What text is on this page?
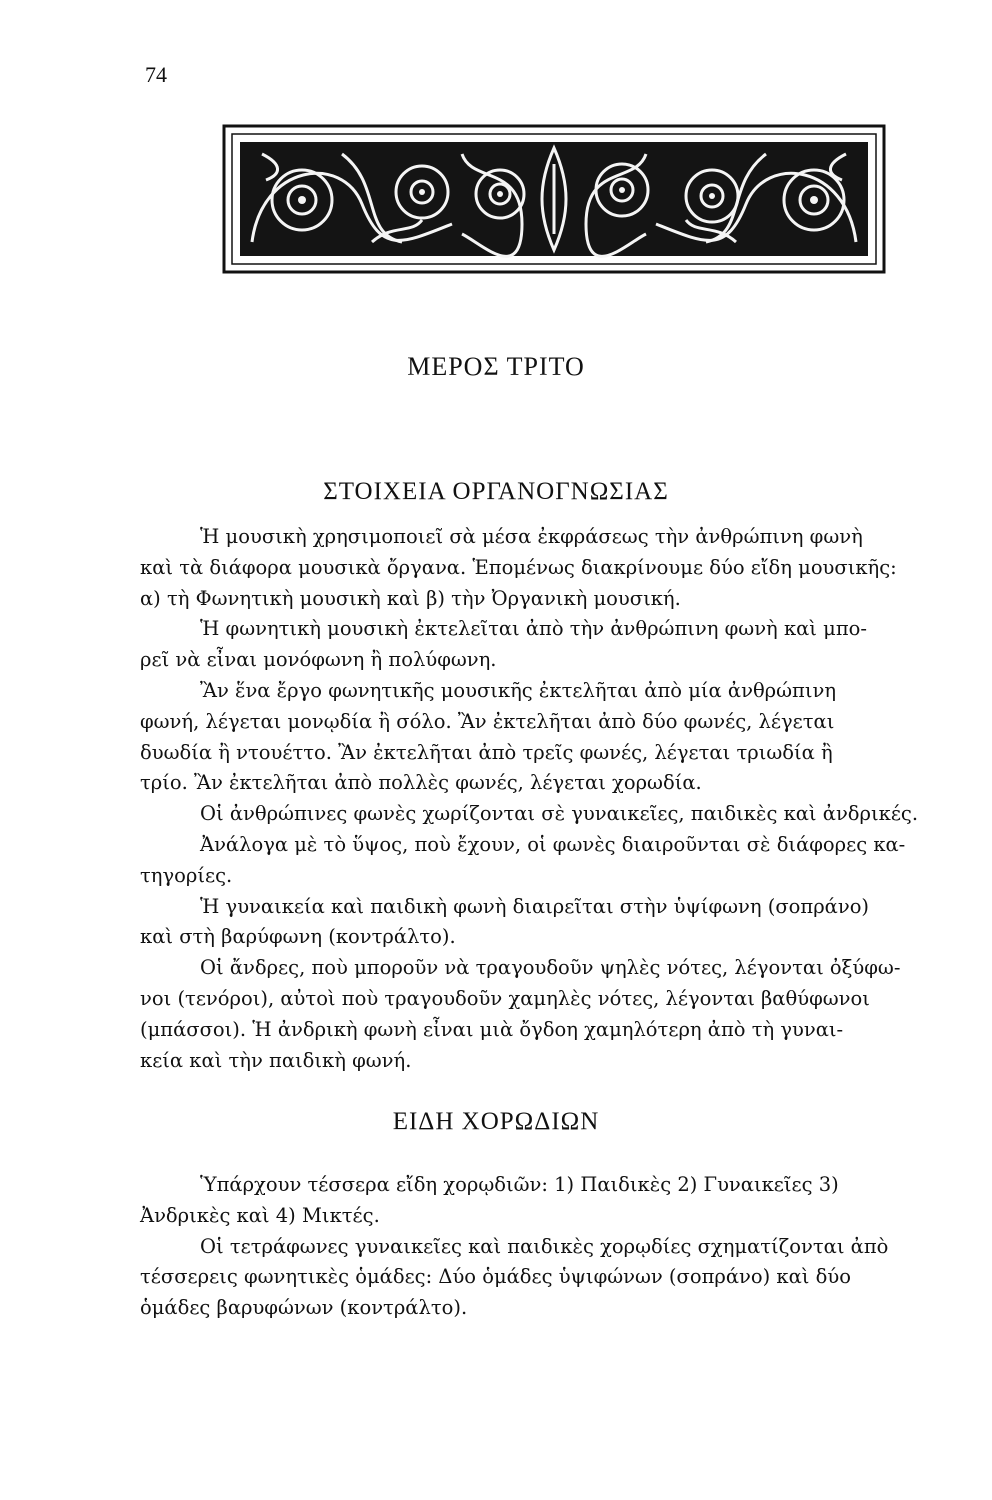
74
ΜΕΡΟΣ ΤΡΙΤΟ
ΣΤΟΙΧΕΙΑ ΟΡΓΑΝΟΓΝΩΣΙΑΣ
Ἡ μουσικὴ χρησιμοποιεῖ σὰ μέσα ἐκφράσεως τὴν ἀνθρώπινη φωνὴ
καὶ τὰ διάφορα μουσικὰ ὄργανα. Ἑπομένως διακρίνουμε δύο εἴδη μουσικῆς:
α) τὴ Φωνητικὴ μουσικὴ καὶ β) τὴν Ὀργανικὴ μουσική.
Ἡ φωνητικὴ μουσικὴ ἐκτελεῖται ἀπὸ τὴν ἀνθρώπινη φωνὴ καὶ μπο-
ρεῖ νὰ εἶναι μονόφωνη ἢ πολύφωνη.
Ἂν ἕνα ἔργο φωνητικῆς μουσικῆς ἐκτελῆται ἀπὸ μία ἀνθρώπινη
φωνή, λέγεται μονῳδία ἢ σόλο. Ἂν ἐκτελῆται ἀπὸ δύο φωνές, λέγεται
δυωδία ἢ ντουέττο. Ἂν ἐκτελῆται ἀπὸ τρεῖς φωνές, λέγεται τριωδία ἢ
τρίο. Ἂν ἐκτελῆται ἀπὸ πολλὲς φωνές, λέγεται χορωδία.
Οἱ ἀνθρώπινες φωνὲς χωρίζονται σὲ γυναικεῖες, παιδικὲς καὶ ἀνδρικές.
Ἀνάλογα μὲ τὸ ὕψος, ποὺ ἔχουν, οἱ φωνὲς διαιροῦνται σὲ διάφορες κα-
τηγορίες.
Ἡ γυναικεία καὶ παιδικὴ φωνὴ διαιρεῖται στὴν ὑψίφωνη (σοπράνο)
καὶ στὴ βαρύφωνη (κοντράλτο).
Οἱ ἄνδρες, ποὺ μποροῦν νὰ τραγουδοῦν ψηλὲς νότες, λέγονται ὀξύφω-
νοι (τενόροι), αὐτοὶ ποὺ τραγουδοῦν χαμηλὲς νότες, λέγονται βαθύφωνοι
(μπάσσοι). Ἡ ἀνδρικὴ φωνὴ εἶναι μιὰ ὄγδοη χαμηλότερη ἀπὸ τὴ γυναι-
κεία καὶ τὴν παιδικὴ φωνή.
ΕΙΔΗ ΧΟΡΩΔΙΩΝ
Ὑπάρχουν τέσσερα εἴδη χορῳδιῶν: 1) Παιδικὲς 2) Γυναικεῖες 3)
Ἀνδρικὲς καὶ 4) Μικτές.
Οἱ τετράφωνες γυναικεῖες καὶ παιδικὲς χορῳδίες σχηματίζονται ἀπὸ
τέσσερεις φωνητικὲς ὁμάδες: Δύο ὁμάδες ὑψιφώνων (σοπράνο) καὶ δύο
ὁμάδες βαρυφώνων (κοντράλτο).
